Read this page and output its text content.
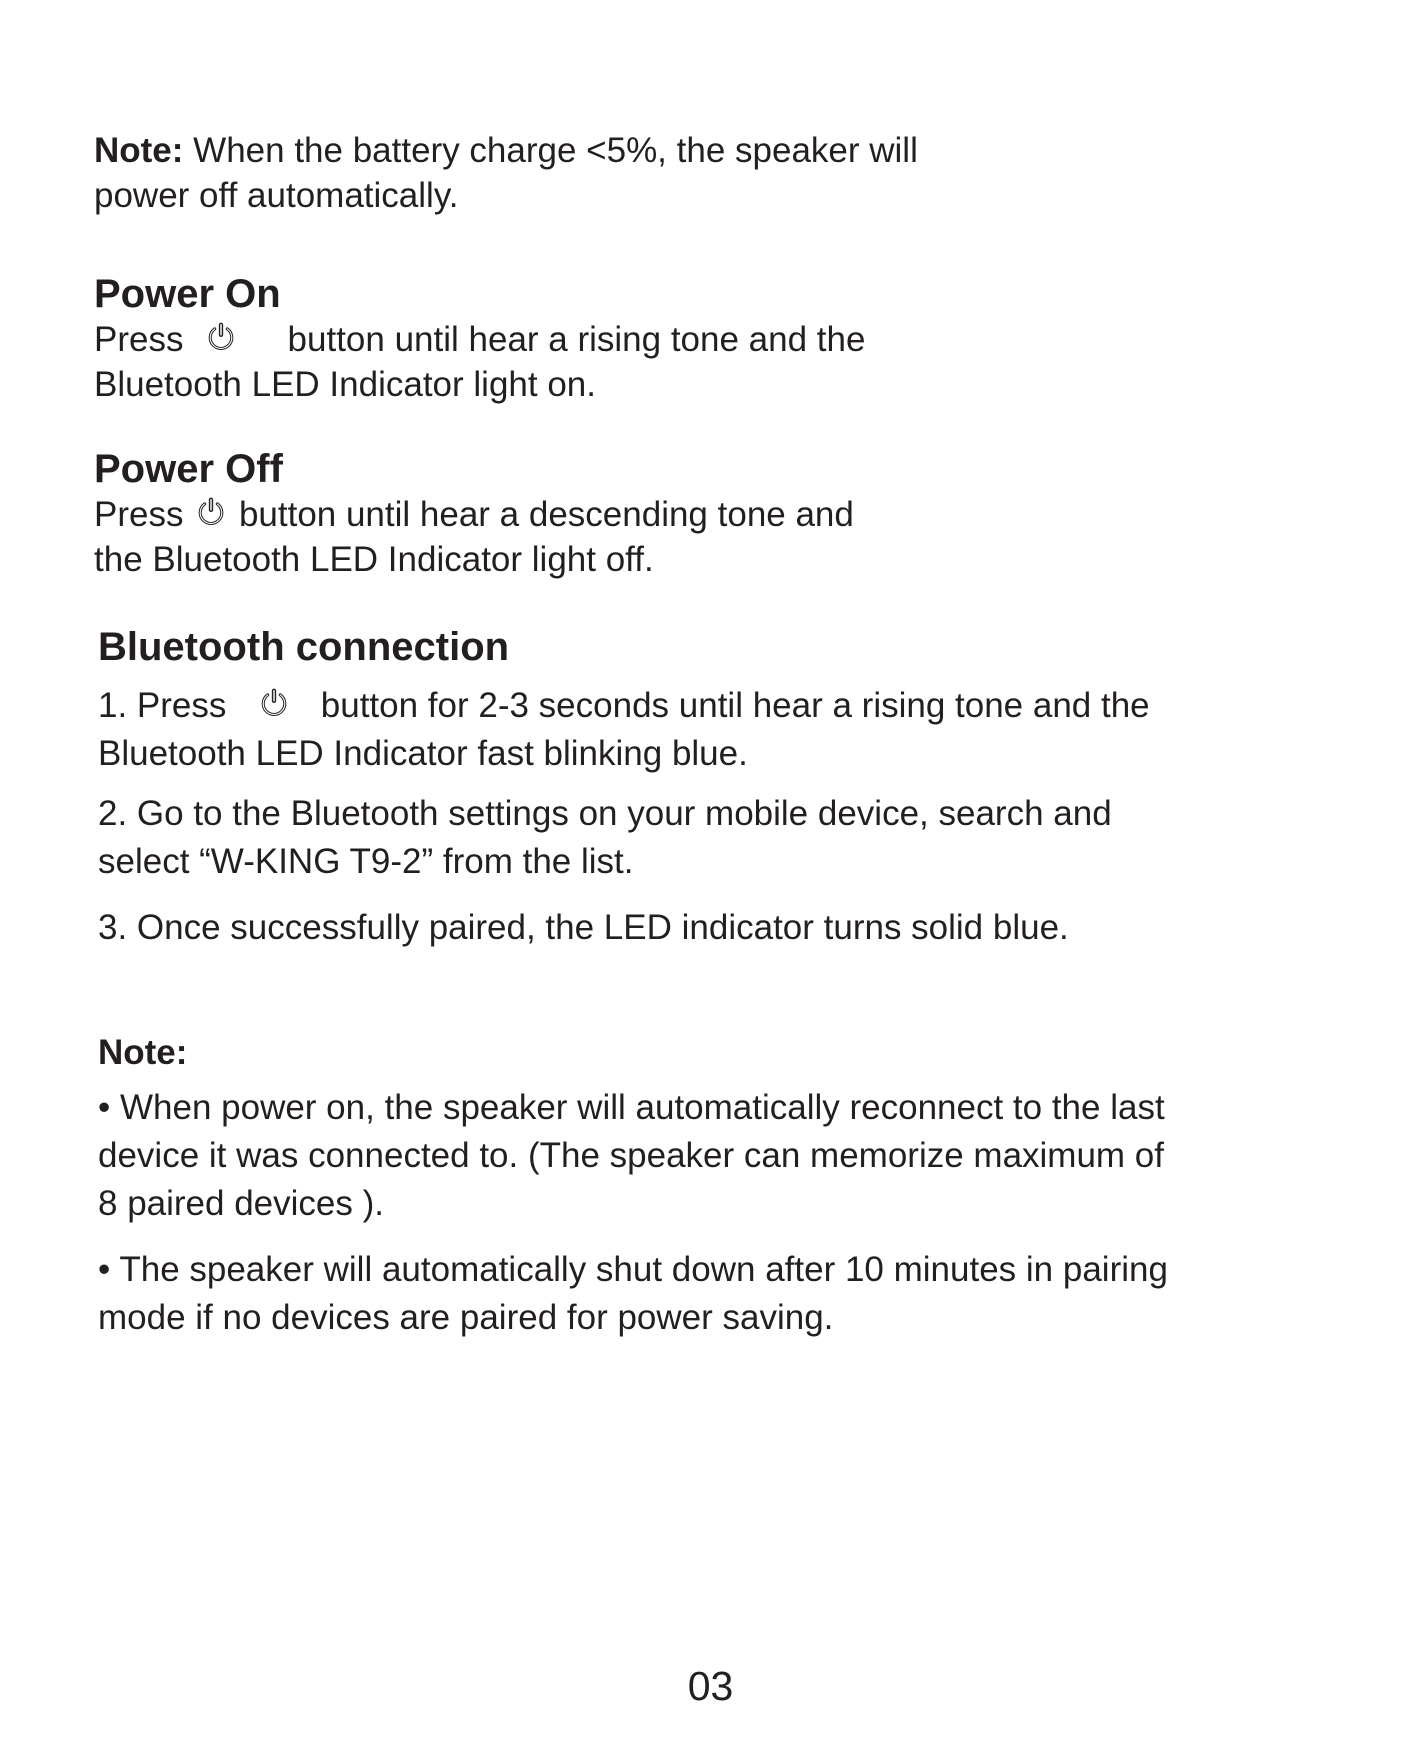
Note: When the battery charge <5%, the speaker will

power off automatically.

Power On

Press	button until hear a rising tone and the

Bluetooth LED Indicator light on.

Power Off

Press button until hear a descending tone and

the Bluetooth LED Indicator light off.

Bluetooth connection

1. Press	button for 2-3 seconds until hear a rising tone and the

Bluetooth LED Indicator fast blinking blue.

2. Go to the Bluetooth settings on your mobile device, search and

select “W-KING T9-2” from the list.

3. Once successfully paired, the LED indicator turns solid blue.

Note:

• When power on, the speaker will automatically reconnect to the last

device it was connected to. (The speaker can memorize maximum of

8 paired devices ).

• The speaker will automatically shut down after 10 minutes in pairing

mode if no devices are paired for power saving.

03
